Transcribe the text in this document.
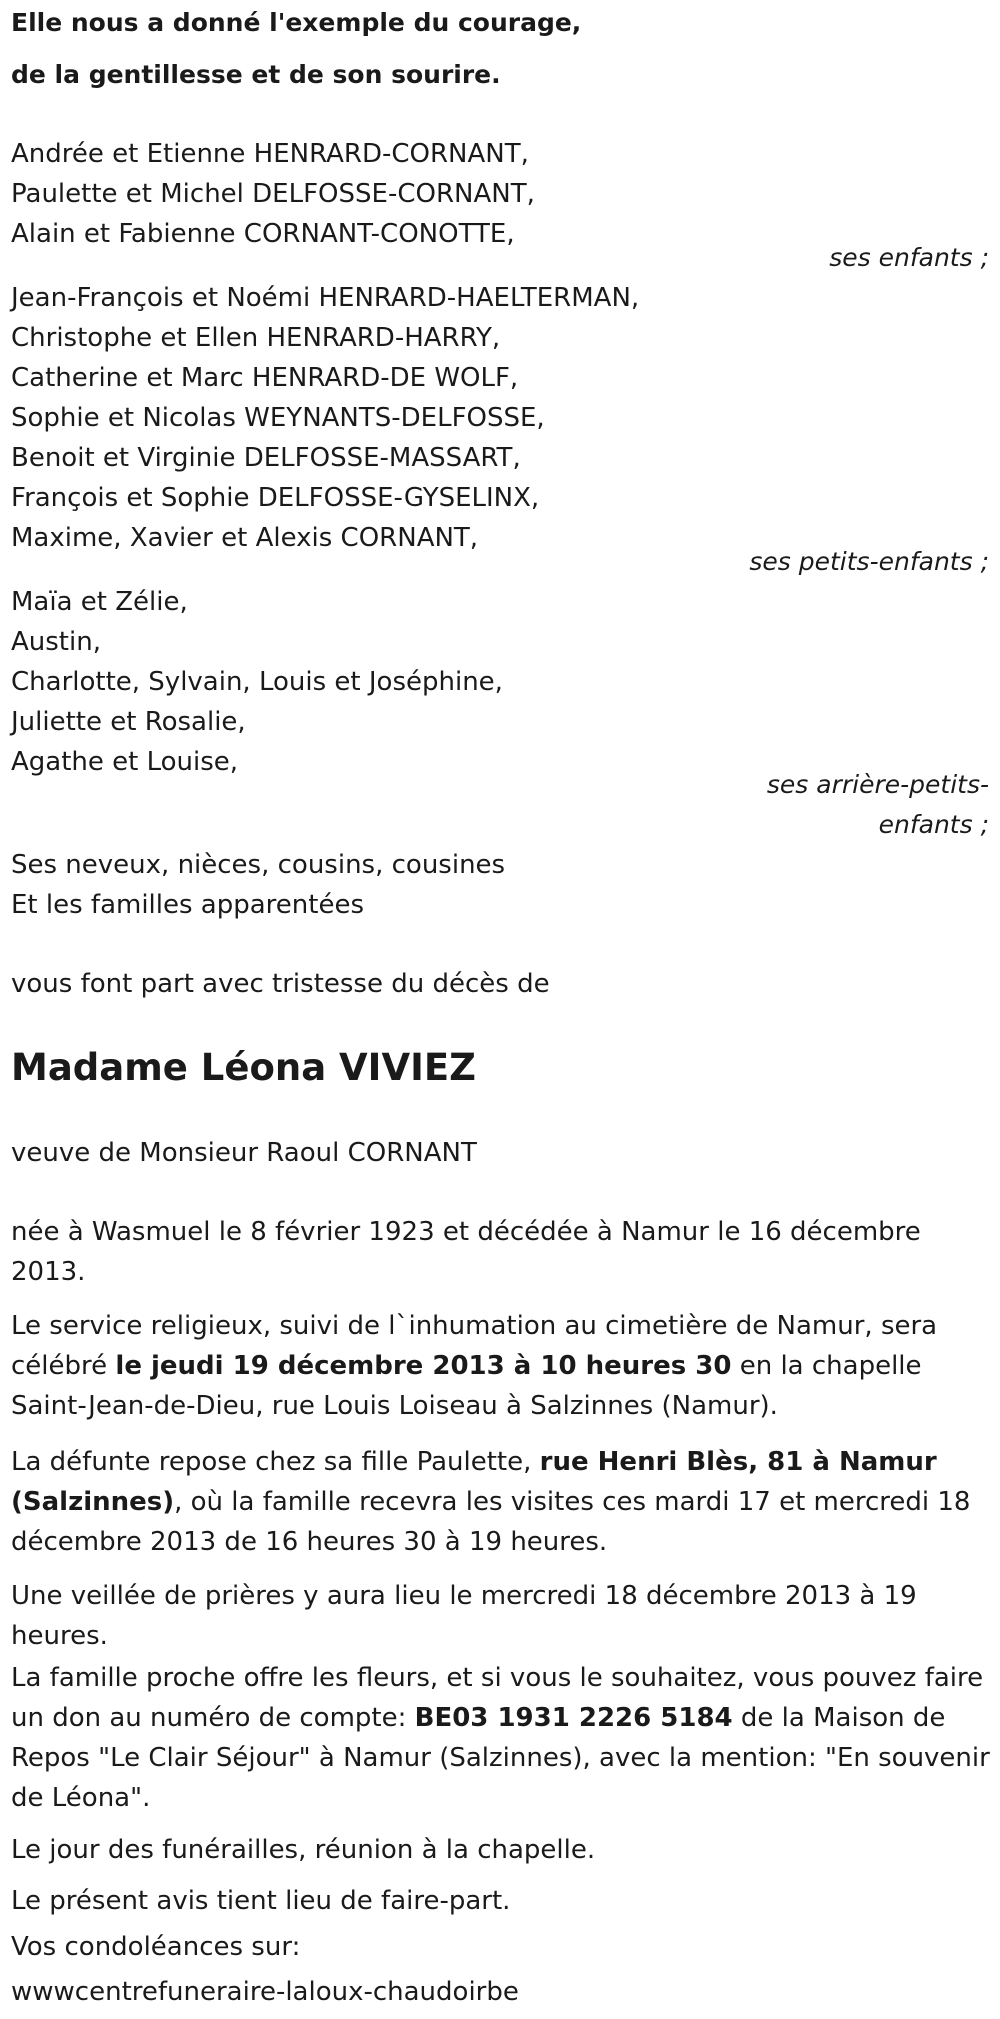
Elle nous a donné l'exemple du courage,
de la gentillesse et de son sourire.
Andrée et Etienne HENRARD-CORNANT,
Paulette et Michel DELFOSSE-CORNANT,
Alain et Fabienne CORNANT-CONOTTE,
ses enfants ;
Jean-François et Noémi HENRARD-HAELTERMAN,
Christophe et Ellen HENRARD-HARRY,
Catherine et Marc HENRARD-DE WOLF,
Sophie et Nicolas WEYNANTS-DELFOSSE,
Benoit et Virginie DELFOSSE-MASSART,
François et Sophie DELFOSSE-GYSELINX,
Maxime, Xavier et Alexis CORNANT,
ses petits-enfants ;
Maïa et Zélie,
Austin,
Charlotte, Sylvain, Louis et Joséphine,
Juliette et Rosalie,
Agathe et Louise,
ses arrière-petits-
enfants ;
Ses neveux, nièces, cousins, cousines
Et les familles apparentées
vous font part avec tristesse du décès de
Madame Léona VIVIEZ
veuve de Monsieur Raoul CORNANT
née à Wasmuel le 8 février 1923 et décédée à Namur le 16 décembre 2013.
Le service religieux, suivi de l`inhumation au cimetière de Namur, sera célébré le jeudi 19 décembre 2013 à 10 heures 30 en la chapelle Saint-Jean-de-Dieu, rue Louis Loiseau à Salzinnes (Namur).
La défunte repose chez sa fille Paulette, rue Henri Blès, 81 à Namur (Salzinnes), où la famille recevra les visites ces mardi 17 et mercredi 18 décembre 2013 de 16 heures 30 à 19 heures.
Une veillée de prières y aura lieu le mercredi 18 décembre 2013 à 19 heures.
La famille proche offre les fleurs, et si vous le souhaitez, vous pouvez faire un don au numéro de compte: BE03 1931 2226 5184 de la Maison de Repos "Le Clair Séjour" à Namur (Salzinnes), avec la mention: "En souvenir de Léona".
Le jour des funérailles, réunion à la chapelle.
Le présent avis tient lieu de faire-part.
Vos condoléances sur:
wwwcentrefuneraire-laloux-chaudoirbe
